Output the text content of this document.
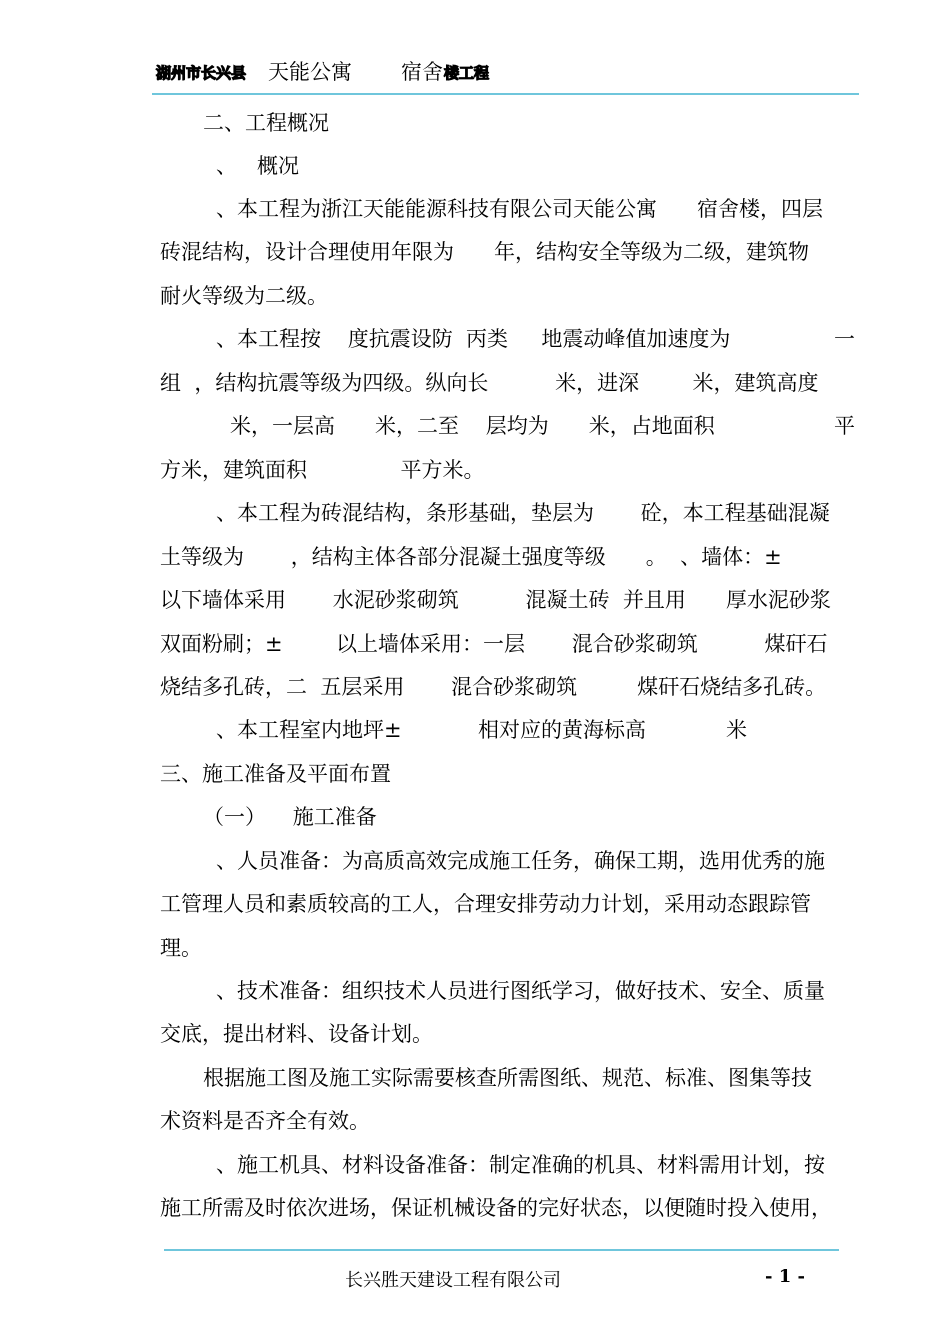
湖州市长兴县 天能公寓 宿舍 楼工程
二、工程概况
、   概况
、本工程为浙江天能能源科技有限公司天能公寓      宿舍楼，四层
砖混结构，设计合理使用年限为      年，结构安全等级为二级，建筑物
耐火等级为二级。
、本工程按    度抗震设防  丙类     地震动峰值加速度为	一
组  ，结构抗震等级为四级。纵向长          米，进深        米，建筑高度
米，一层高      米，二至    层均为      米，占地面积	平
方米，建筑面积              平方米。
、本工程为砖混结构，条形基础，垫层为       砼，本工程基础混凝
土等级为       ，结构主体各部分混凝土强度等级      。  、墙体：±
以下墙体采用       水泥砂浆砌筑          混凝土砖  并且用      厚水泥砂浆
双面粉刷；±        以上墙体采用：一层       混合砂浆砌筑          煤矸石
烧结多孔砖，二  五层采用       混合砂浆砌筑         煤矸石烧结多孔砖。
、本工程室内地坪±	相对应的黄海标高	米
三、施工准备及平面布置
（一）    施工准备
、人员准备：为高质高效完成施工任务，确保工期，选用优秀的施
工管理人员和素质较高的工人，合理安排劳动力计划，采用动态跟踪管
理。
、技术准备：组织技术人员进行图纸学习，做好技术、安全、质量
交底，提出材料、设备计划。
根据施工图及施工实际需要核查所需图纸、规范、标准、图集等技
术资料是否齐全有效。
、施工机具、材料设备准备：制定准确的机具、材料需用计划，按
施工所需及时依次进场，保证机械设备的完好状态，以便随时投入使用，
长兴胜天建设工程有限公司	- 1 -
